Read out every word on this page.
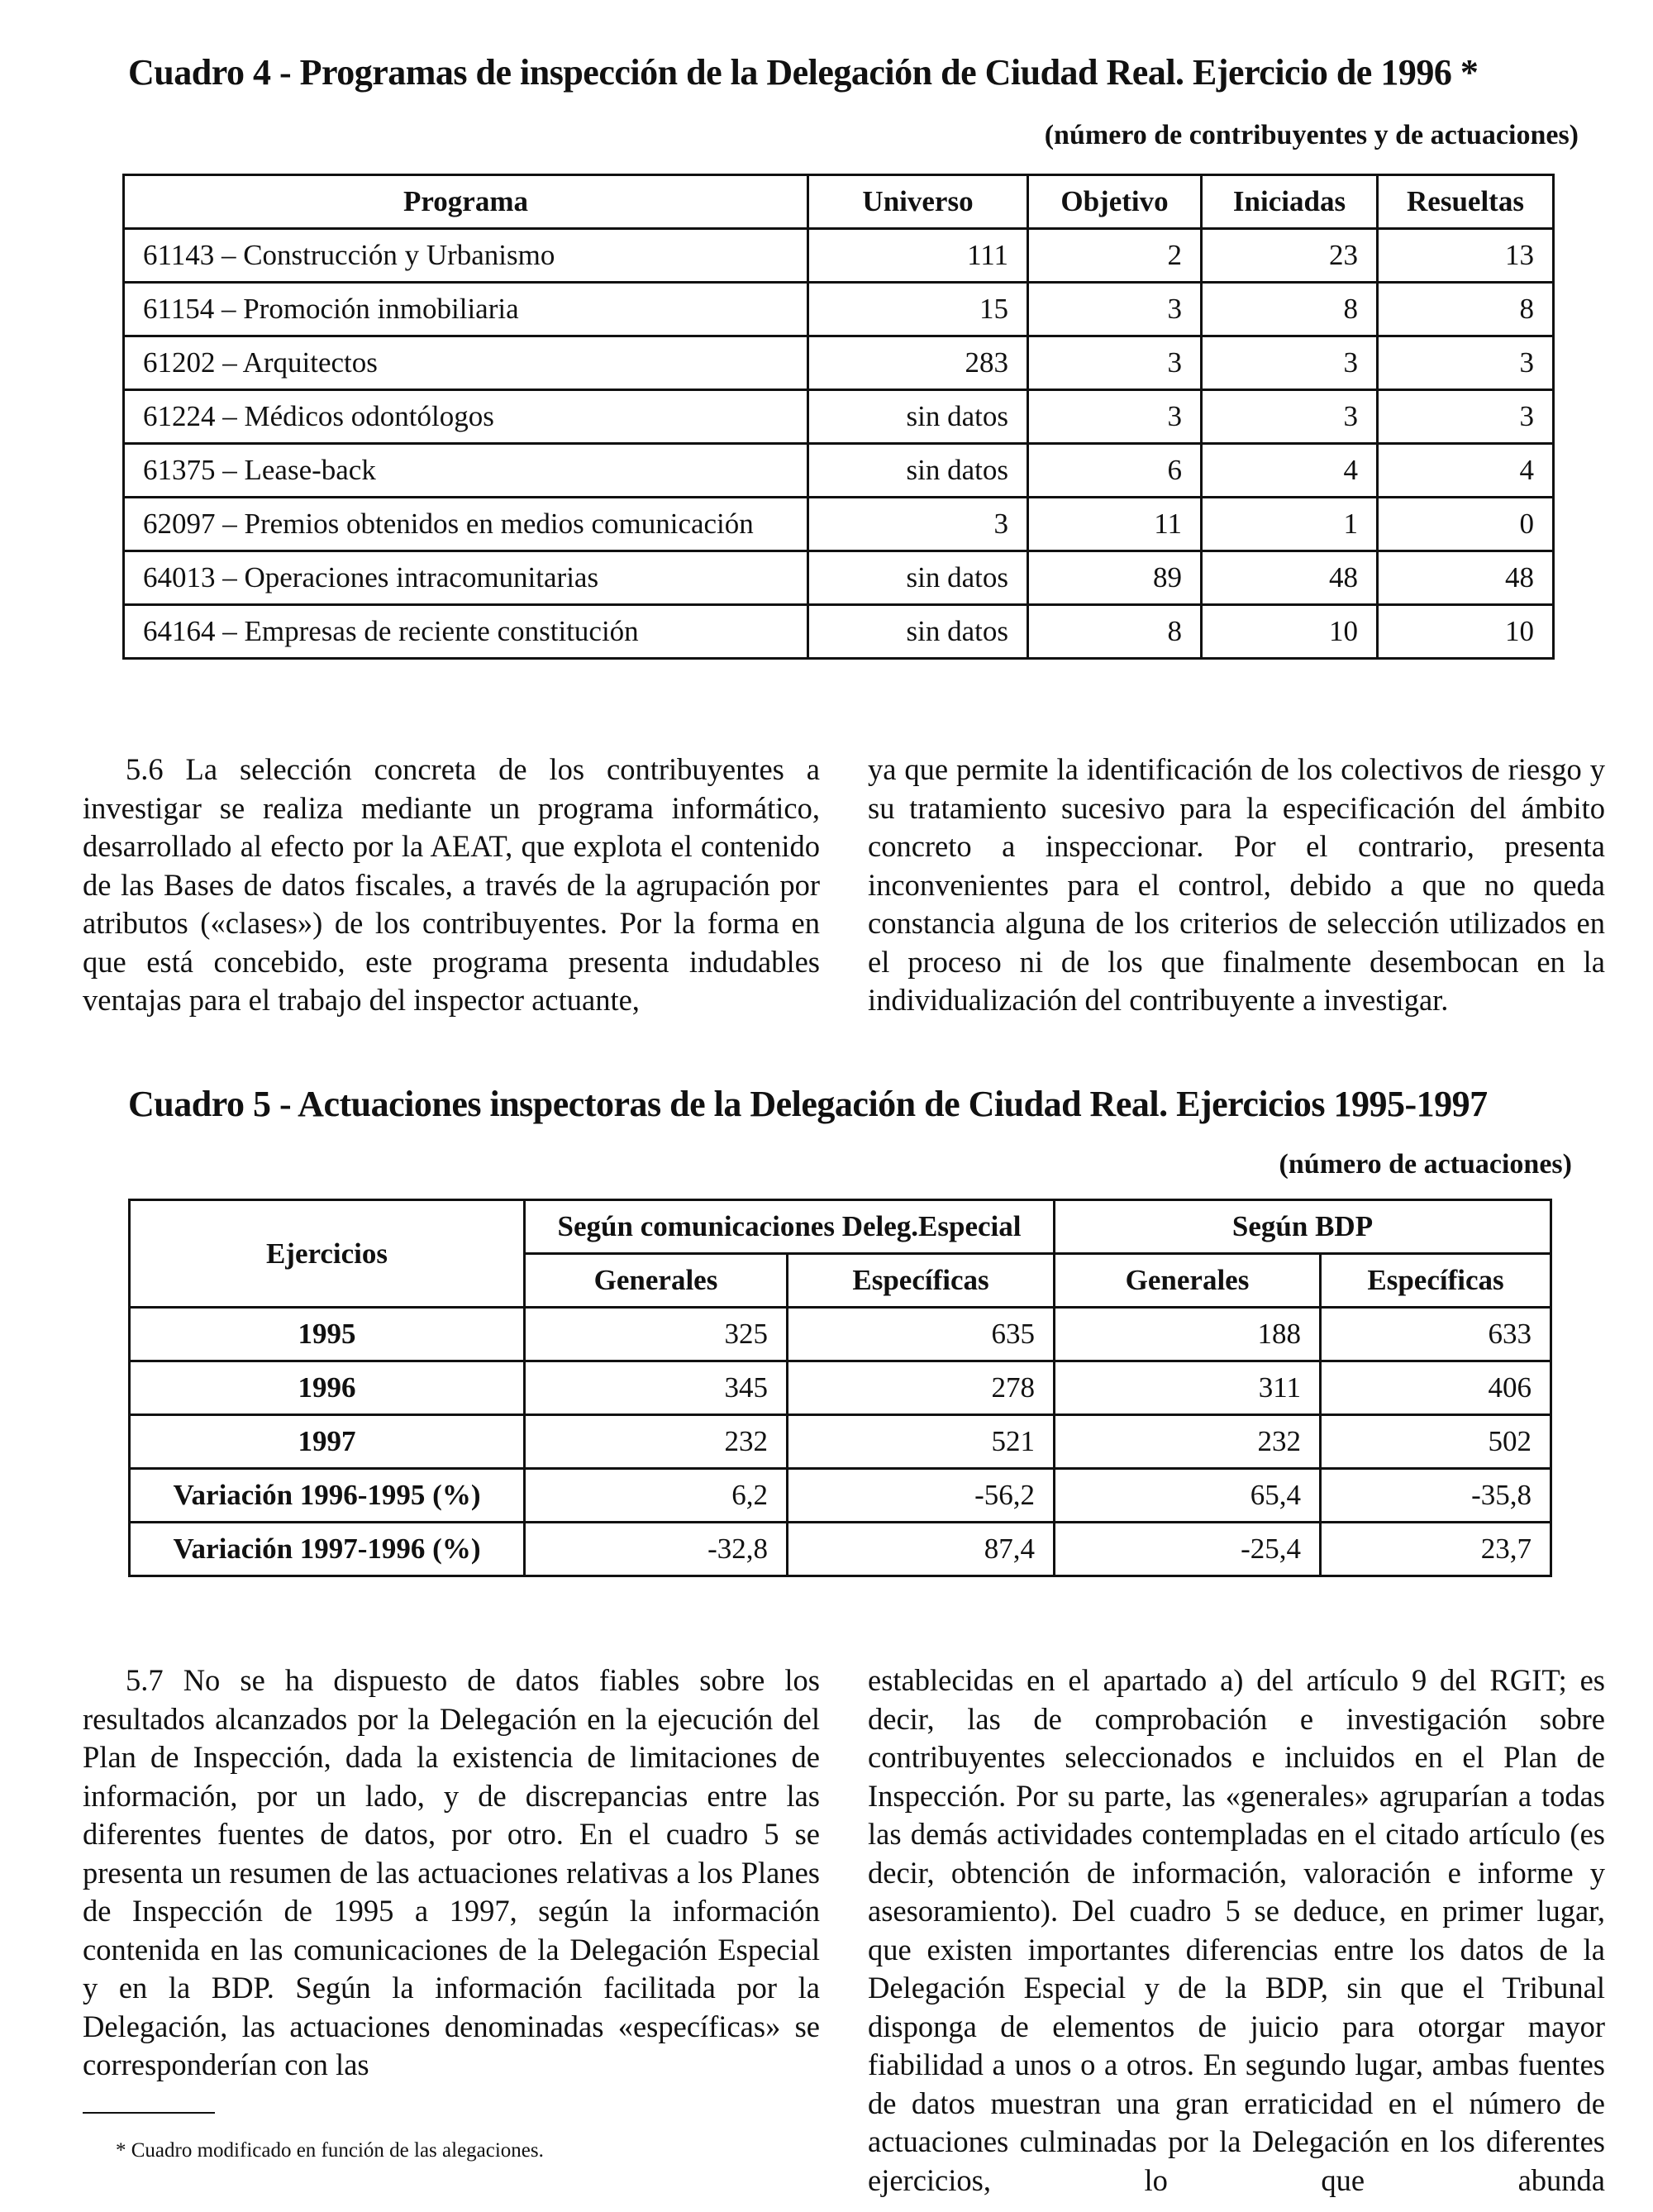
Cuadro 4 - Programas de inspección de la Delegación de Ciudad Real. Ejercicio de 1996 *
(número de contribuyentes y de actuaciones)
Programa	Universo	Objetivo	Iniciadas	Resueltas
61143 – Construcción y Urbanismo	111	2	23	13
61154 – Promoción inmobiliaria	15	3	8	8
61202 – Arquitectos	283	3	3	3
61224 – Médicos odontólogos	sin datos	3	3	3
61375 – Lease-back	sin datos	6	4	4
62097 – Premios obtenidos en medios comunicación	3	11	1	0
64013 – Operaciones intracomunitarias	sin datos	89	48	48
64164 – Empresas de reciente constitución	sin datos	8	10	10

5.6 La selección concreta de los contribuyentes a investigar se realiza mediante un programa informático, desarrollado al efecto por la AEAT, que explota el contenido de las Bases de datos fiscales, a través de la agrupación por atributos («clases») de los contribuyentes. Por la forma en que está concebido, este programa presenta indudables ventajas para el trabajo del inspector actuante,

ya que permite la identificación de los colectivos de riesgo y su tratamiento sucesivo para la especificación del ámbito concreto a inspeccionar. Por el contrario, presenta inconvenientes para el control, debido a que no queda constancia alguna de los criterios de selección utilizados en el proceso ni de los que finalmente desembocan en la individualización del contribuyente a investigar.

Cuadro 5 - Actuaciones inspectoras de la Delegación de Ciudad Real. Ejercicios 1995-1997
(número de actuaciones)
Ejercicios	Según comunicaciones Deleg.Especial		Según BDP	
	Generales	Específicas	Generales	Específicas
1995	325	635	188	633
1996	345	278	311	406
1997	232	521	232	502
Variación 1996-1995 (%)	6,2	-56,2	65,4	-35,8
Variación 1997-1996 (%)	-32,8	87,4	-25,4	23,7

5.7 No se ha dispuesto de datos fiables sobre los resultados alcanzados por la Delegación en la ejecución del Plan de Inspección, dada la existencia de limitaciones de información, por un lado, y de discrepancias entre las diferentes fuentes de datos, por otro. En el cuadro 5 se presenta un resumen de las actuaciones relativas a los Planes de Inspección de 1995 a 1997, según la información contenida en las comunicaciones de la Delegación Especial y en la BDP. Según la información facilitada por la Delegación, las actuaciones denominadas «específicas» se corresponderían con las

establecidas en el apartado a) del artículo 9 del RGIT; es decir, las de comprobación e investigación sobre contribuyentes seleccionados e incluidos en el Plan de Inspección. Por su parte, las «generales» agruparían a todas las demás actividades contempladas en el citado artículo (es decir, obtención de información, valoración e informe y asesoramiento). Del cuadro 5 se deduce, en primer lugar, que existen importantes diferencias entre los datos de la Delegación Especial y de la BDP, sin que el Tribunal disponga de elementos de juicio para otorgar mayor fiabilidad a unos o a otros. En segundo lugar, ambas fuentes de datos muestran una gran erraticidad en el número de actuaciones culminadas por la Delegación en los diferentes ejercicios, lo que abunda

* Cuadro modificado en función de las alegaciones.
